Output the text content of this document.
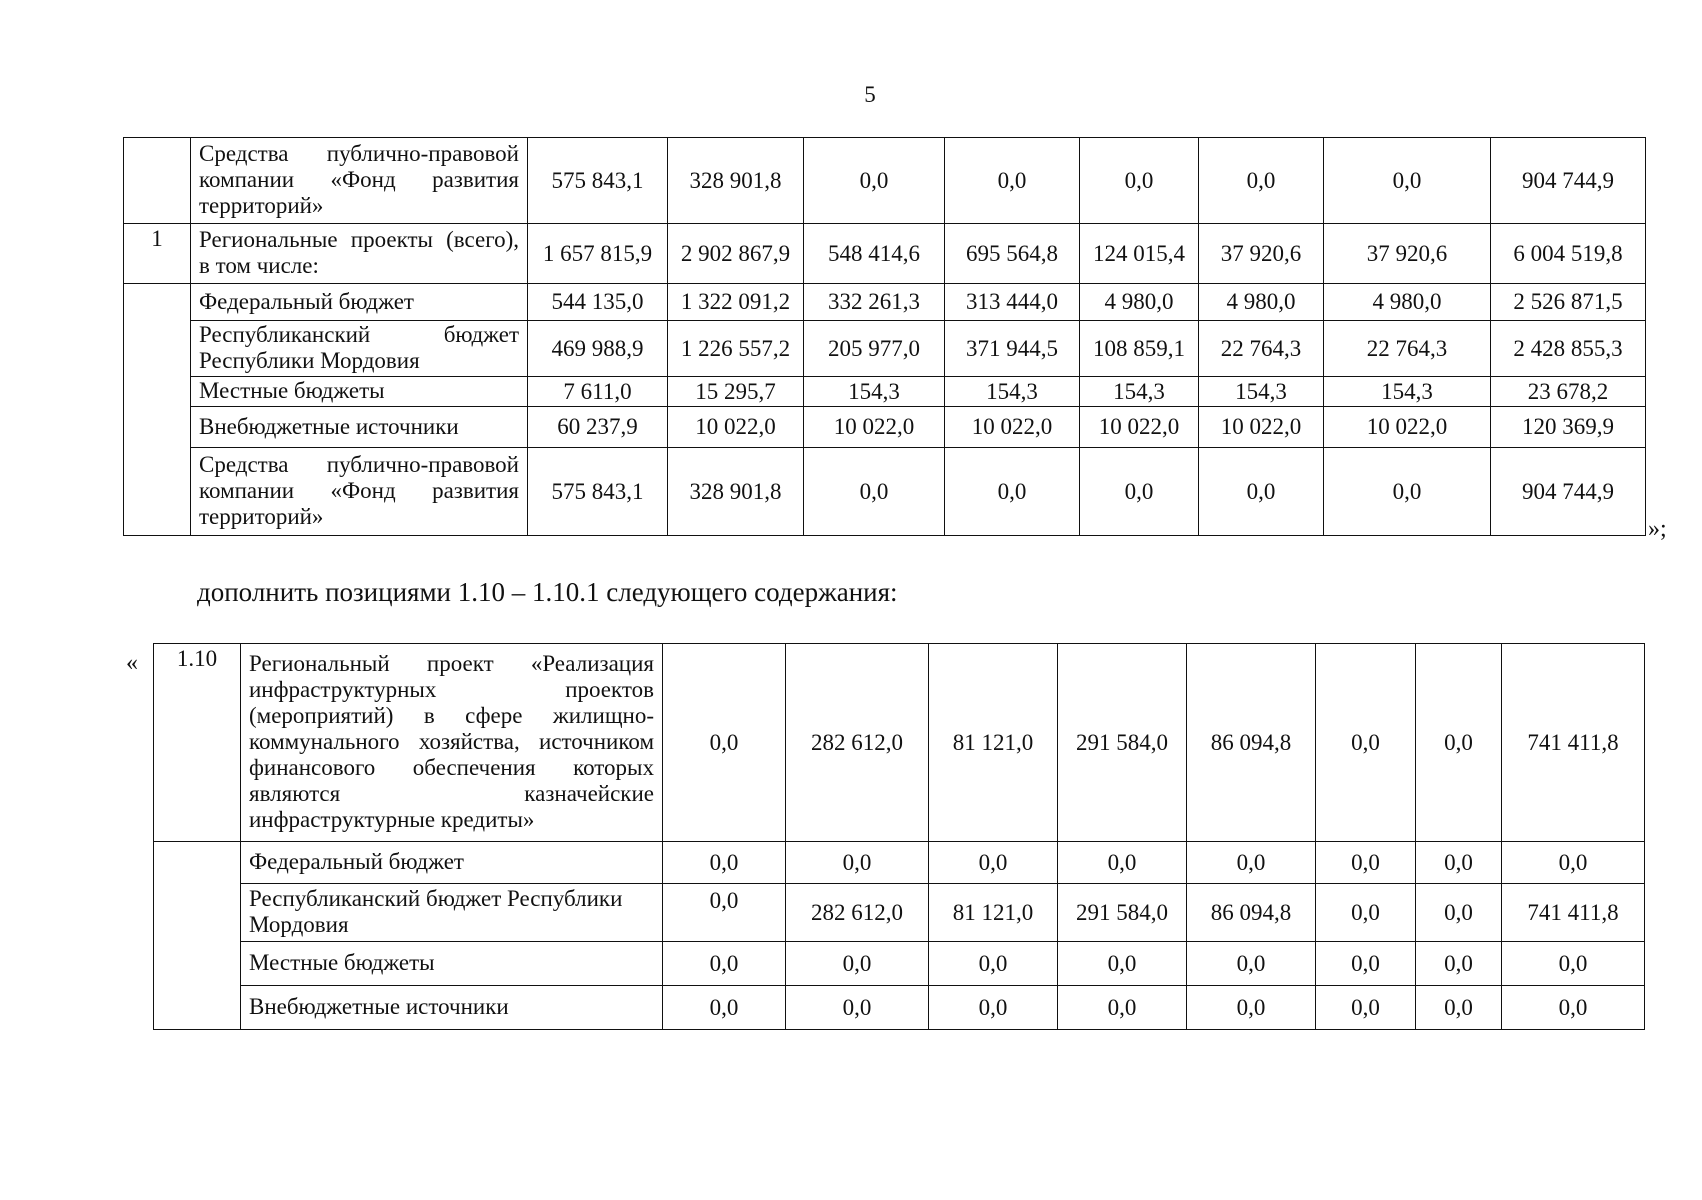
5
	Средства публично-правовой компании «Фонд развития территорий»	575 843,1	328 901,8	0,0	0,0	0,0	0,0	0,0	904 744,9
1	Региональные проекты (всего), в том числе:	1 657 815,9	2 902 867,9	548 414,6	695 564,8	124 015,4	37 920,6	37 920,6	6 004 519,8
	Федеральный бюджет	544 135,0	1 322 091,2	332 261,3	313 444,0	4 980,0	4 980,0	4 980,0	2 526 871,5
	Республиканский бюджет Республики Мордовия	469 988,9	1 226 557,2	205 977,0	371 944,5	108 859,1	22 764,3	22 764,3	2 428 855,3
	Местные бюджеты	7 611,0	15 295,7	154,3	154,3	154,3	154,3	154,3	23 678,2
	Внебюджетные источники	60 237,9	10 022,0	10 022,0	10 022,0	10 022,0	10 022,0	10 022,0	120 369,9
	Средства публично-правовой компании «Фонд развития территорий»	575 843,1	328 901,8	0,0	0,0	0,0	0,0	0,0	904 744,9
»;
дополнить позициями 1.10 – 1.10.1 следующего содержания:
« 1.10	Региональный проект «Реализация инфраструктурных проектов (мероприятий) в сфере жилищно-коммунального хозяйства, источником финансового обеспечения которых являются казначейские инфраструктурные кредиты»	0,0	282 612,0	81 121,0	291 584,0	86 094,8	0,0	0,0	741 411,8
	Федеральный бюджет	0,0	0,0	0,0	0,0	0,0	0,0	0,0	0,0
	Республиканский бюджет Республики Мордовия	0,0	282 612,0	81 121,0	291 584,0	86 094,8	0,0	0,0	741 411,8
	Местные бюджеты	0,0	0,0	0,0	0,0	0,0	0,0	0,0	0,0
	Внебюджетные источники	0,0	0,0	0,0	0,0	0,0	0,0	0,0	0,0
